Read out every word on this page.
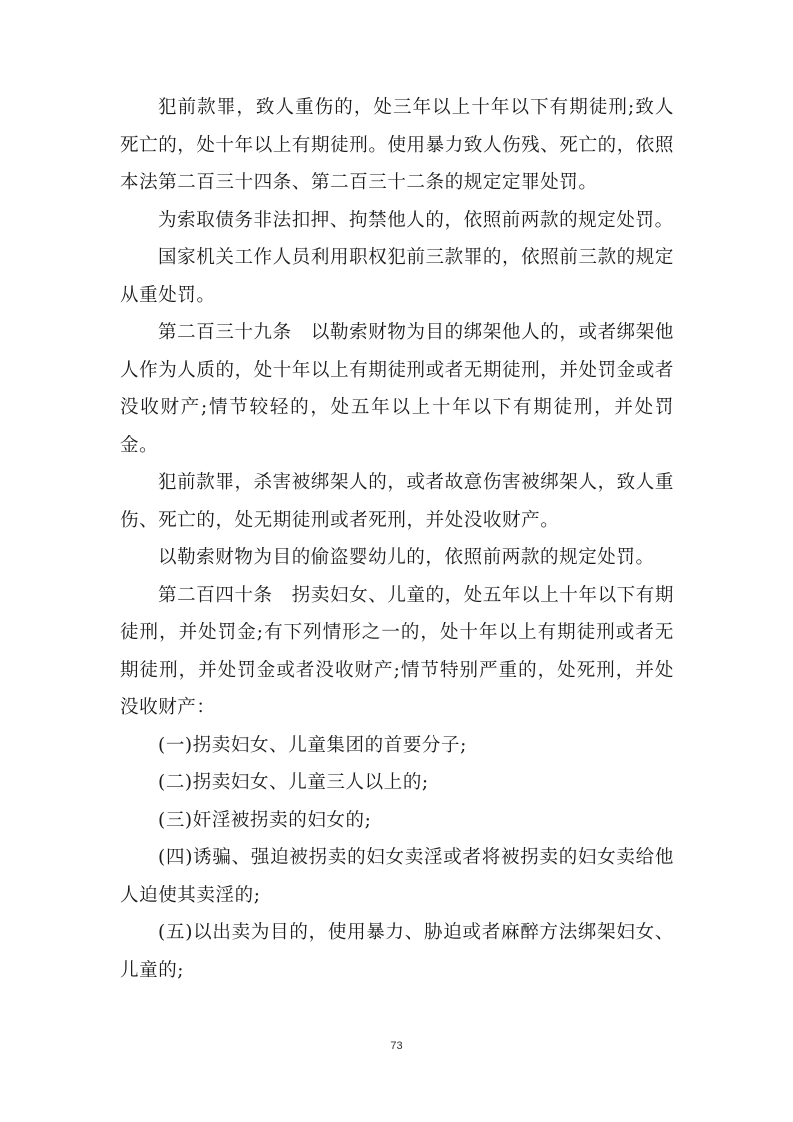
犯前款罪，致人重伤的，处三年以上十年以下有期徒刑;致人死亡的，处十年以上有期徒刑。使用暴力致人伤残、死亡的，依照本法第二百三十四条、第二百三十二条的规定定罪处罚。

为索取债务非法扣押、拘禁他人的，依照前两款的规定处罚。

国家机关工作人员利用职权犯前三款罪的，依照前三款的规定从重处罚。

第二百三十九条　以勒索财物为目的绑架他人的，或者绑架他人作为人质的，处十年以上有期徒刑或者无期徒刑，并处罚金或者没收财产;情节较轻的，处五年以上十年以下有期徒刑，并处罚金。

犯前款罪，杀害被绑架人的，或者故意伤害被绑架人，致人重伤、死亡的，处无期徒刑或者死刑，并处没收财产。

以勒索财物为目的偷盗婴幼儿的，依照前两款的规定处罚。

第二百四十条　拐卖妇女、儿童的，处五年以上十年以下有期徒刑，并处罚金;有下列情形之一的，处十年以上有期徒刑或者无期徒刑，并处罚金或者没收财产;情节特别严重的，处死刑，并处没收财产：

(一)拐卖妇女、儿童集团的首要分子;

(二)拐卖妇女、儿童三人以上的;

(三)奸淫被拐卖的妇女的;

(四)诱骗、强迫被拐卖的妇女卖淫或者将被拐卖的妇女卖给他人迫使其卖淫的;

(五)以出卖为目的，使用暴力、胁迫或者麻醉方法绑架妇女、儿童的;

73
